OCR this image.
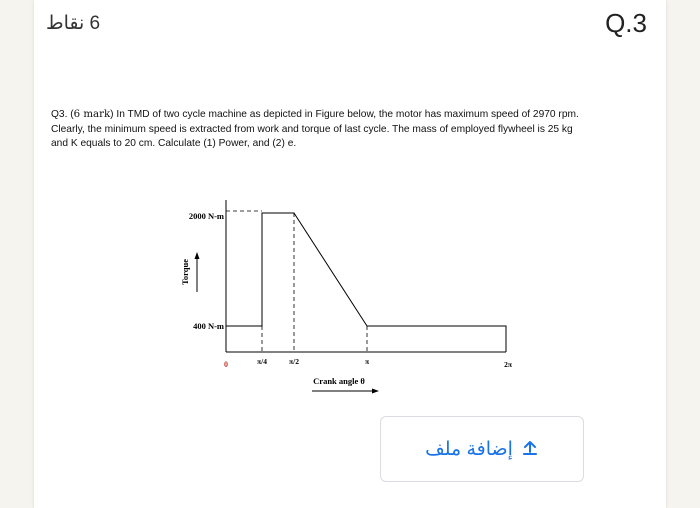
6 نقاط	Q.3
Q3. (6 mark) In TMD of two cycle machine as depicted in Figure below, the motor has maximum speed of 2970 rpm. Clearly, the minimum speed is extracted from work and torque of last cycle. The mass of employed flywheel is 25 kg and K equals to 20 cm. Calculate (1) Power, and (2) e.
2000 N-m
400 N-m
Torque
0	π/4	π/2	π	2π
Crank angle θ
إضافة ملف
